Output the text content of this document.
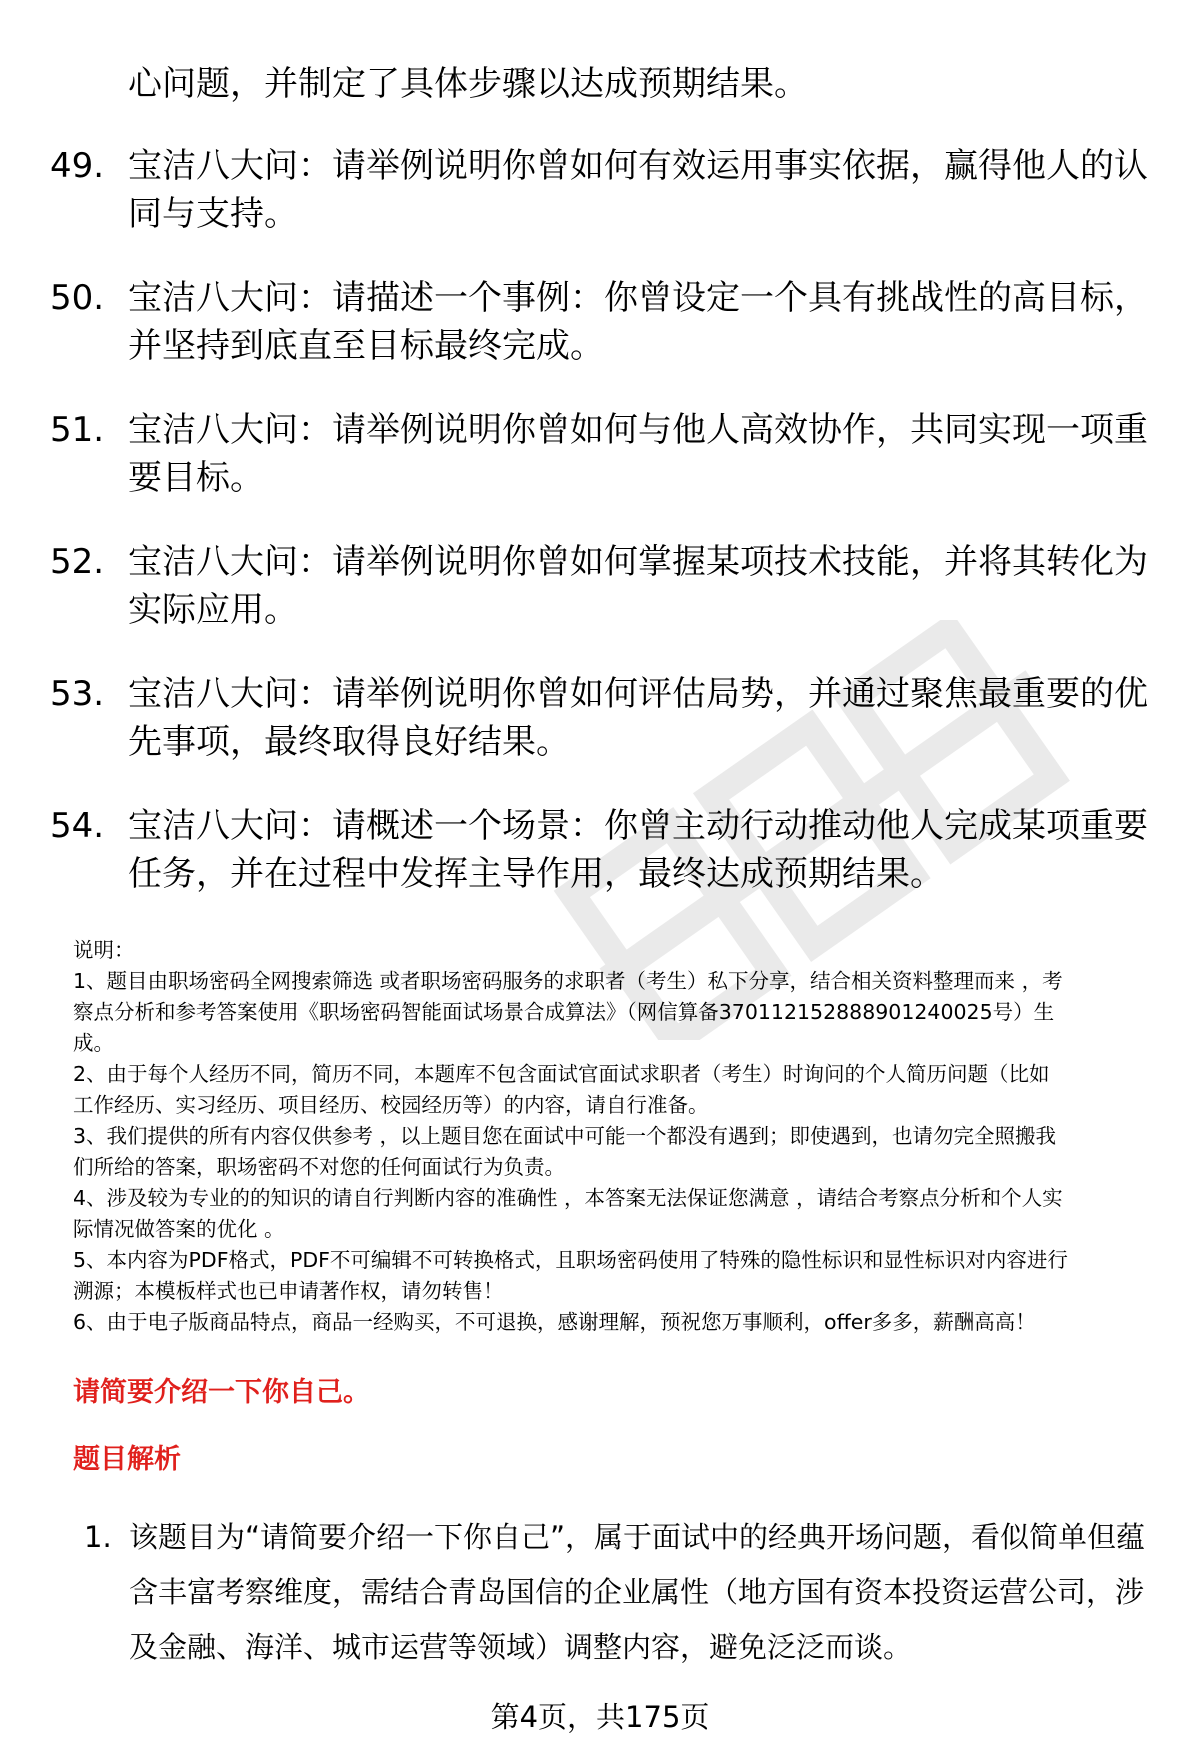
心问题，并制定了具体步骤以达成预期结果。
49. 宝洁八大问：请举例说明你曾如何有效运用事实依据，赢得他人的认同与支持。
50. 宝洁八大问：请描述一个事例：你曾设定一个具有挑战性的高目标，并坚持到底直至目标最终完成。
51. 宝洁八大问：请举例说明你曾如何与他人高效协作，共同实现一项重要目标。
52. 宝洁八大问：请举例说明你曾如何掌握某项技术技能，并将其转化为实际应用。
53. 宝洁八大问：请举例说明你曾如何评估局势，并通过聚焦最重要的优先事项，最终取得良好结果。
54. 宝洁八大问：请概述一个场景：你曾主动行动推动他人完成某项重要任务，并在过程中发挥主导作用，最终达成预期结果。

说明：

1、题目由职场密码全网搜索筛选 或者职场密码服务的求职者（考生）私下分享，结合相关资料整理而来 ，考

察点分析和参考答案使用《职场密码智能面试场景合成算法》（网信算备370112152888901240025号）生

成。

2、由于每个人经历不同，简历不同，本题库不包含面试官面试求职者（考生）时询问的个人简历问题（比如

工作经历、实习经历、项目经历、校园经历等）的内容，请自行准备。

3、我们提供的所有内容仅供参考 ，以上题目您在面试中可能一个都没有遇到；即使遇到，也请勿完全照搬我

们所给的答案，职场密码不对您的任何面试行为负责。

4、涉及较为专业的的知识的请自行判断内容的准确性 ，本答案无法保证您满意 ，请结合考察点分析和个人实

际情况做答案的优化 。

5、本内容为PDF格式，PDF不可编辑不可转换格式，且职场密码使用了特殊的隐性标识和显性标识对内容进行

溯源；本模板样式也已申请著作权，请勿转售！

6、由于电子版商品特点，商品一经购买，不可退换，感谢理解，预祝您万事顺利，offer多多，薪酬高高！

请简要介绍一下你自己。
题目解析
1. 该题目为“请简要介绍一下你自己”，属于面试中的经典开场问题，看似简单但蕴含丰富考察维度，需结合青岛国信的企业属性（地方国有资本投资运营公司，涉及金融、海洋、城市运营等领域）调整内容，避免泛泛而谈。
第4页，共175页
